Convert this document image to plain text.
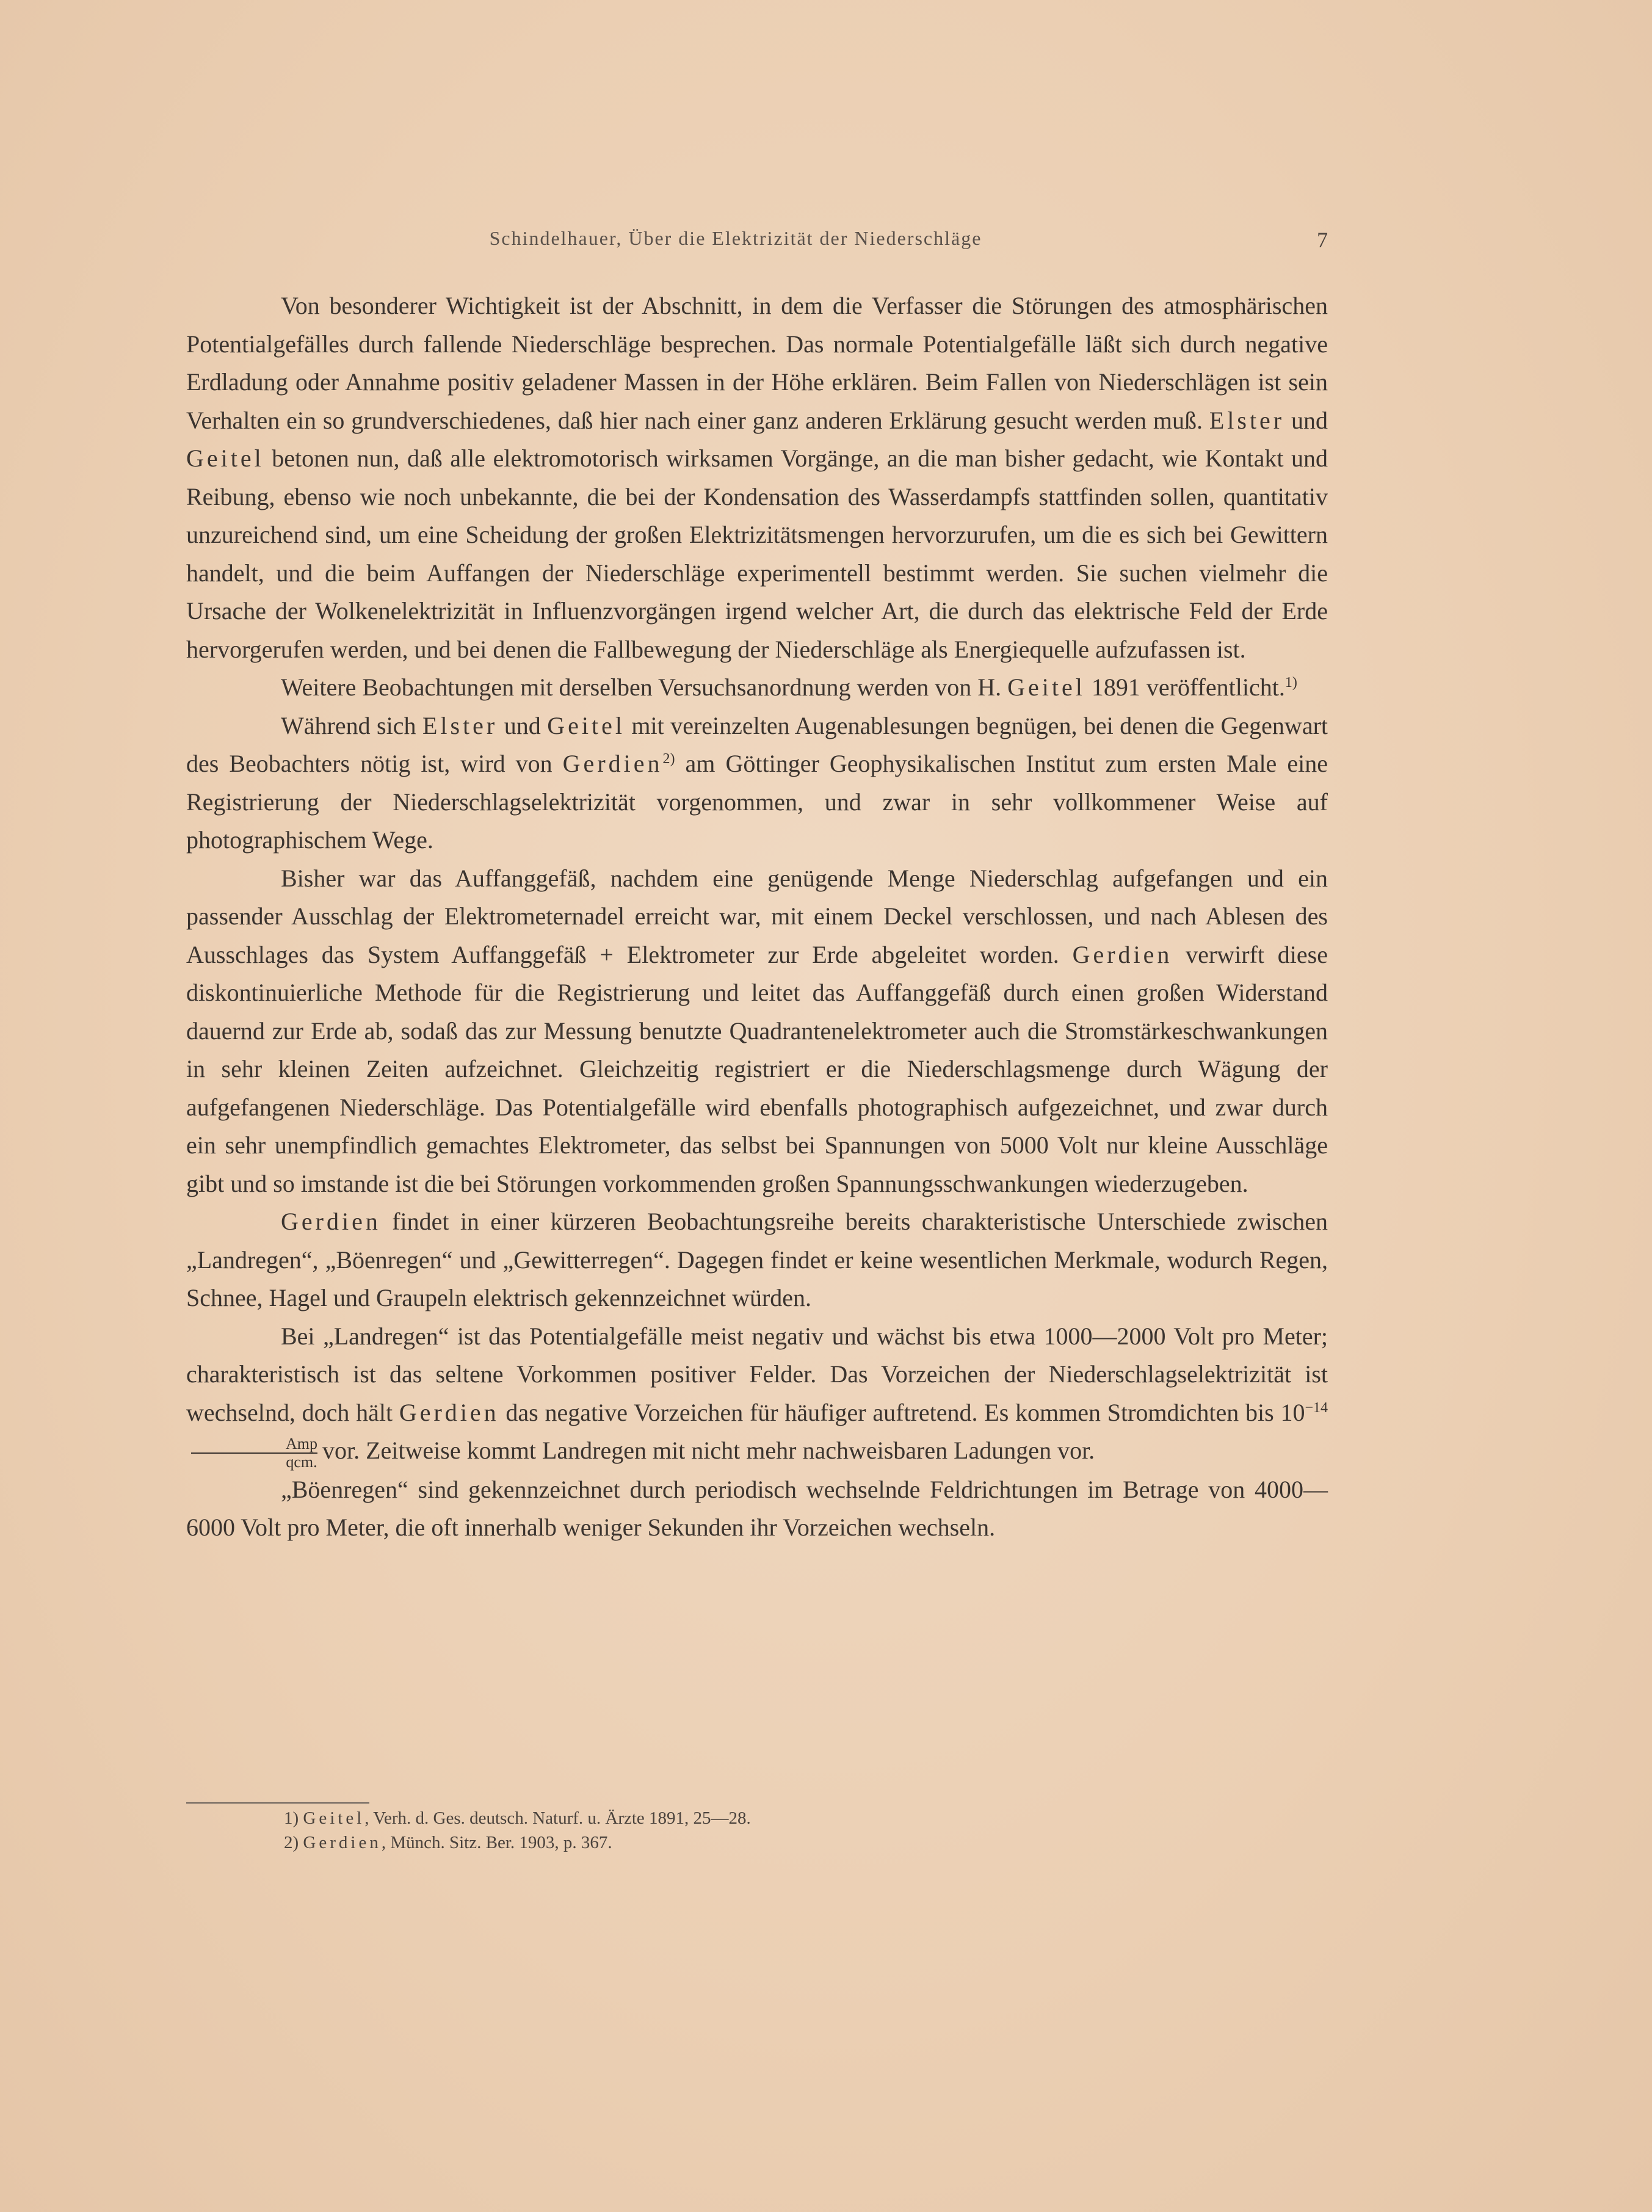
Schindelhauer, Über die Elektrizität der Niederschläge	7

Von besonderer Wichtigkeit ist der Abschnitt, in dem die Verfasser die Störungen des atmosphärischen Potentialgefälles durch fallende Niederschläge besprechen. Das normale Potentialgefälle läßt sich durch negative Erdladung oder Annahme positiv geladener Massen in der Höhe erklären. Beim Fallen von Niederschlägen ist sein Verhalten ein so grundverschiedenes, daß hier nach einer ganz anderen Erklärung gesucht werden muß. Elster und Geitel betonen nun, daß alle elektromotorisch wirksamen Vorgänge, an die man bisher gedacht, wie Kontakt und Reibung, ebenso wie noch unbekannte, die bei der Kondensation des Wasserdampfs stattfinden sollen, quantitativ unzureichend sind, um eine Scheidung der großen Elektrizitätsmengen hervorzurufen, um die es sich bei Gewittern handelt, und die beim Auffangen der Niederschläge experimentell bestimmt werden. Sie suchen vielmehr die Ursache der Wolkenelektrizität in Influenzvorgängen irgend welcher Art, die durch das elektrische Feld der Erde hervorgerufen werden, und bei denen die Fallbewegung der Niederschläge als Energiequelle aufzufassen ist.

Weitere Beobachtungen mit derselben Versuchsanordnung werden von H. Geitel 1891 veröffentlicht.$^{1)}$

Während sich Elster und Geitel mit vereinzelten Augenablesungen begnügen, bei denen die Gegenwart des Beobachters nötig ist, wird von Gerdien$^{2)}$ am Göttinger Geophysikalischen Institut zum ersten Male eine Registrierung der Niederschlagselektrizität vorgenommen, und zwar in sehr vollkommener Weise auf photographischem Wege.

Bisher war das Auffanggefäß, nachdem eine genügende Menge Niederschlag aufgefangen und ein passender Ausschlag der Elektrometernadel erreicht war, mit einem Deckel verschlossen, und nach Ablesen des Ausschlages das System Auffanggefäß + Elektrometer zur Erde abgeleitet worden. Gerdien verwirft diese diskontinuierliche Methode für die Registrierung und leitet das Auffanggefäß durch einen großen Widerstand dauernd zur Erde ab, sodaß das zur Messung benutzte Quadrantenelektrometer auch die Stromstärkeschwankungen in sehr kleinen Zeiten aufzeichnet. Gleichzeitig registriert er die Niederschlagsmenge durch Wägung der aufgefangenen Niederschläge. Das Potentialgefälle wird ebenfalls photographisch aufgezeichnet, und zwar durch ein sehr unempfindlich gemachtes Elektrometer, das selbst bei Spannungen von 5000 Volt nur kleine Ausschläge gibt und so imstande ist die bei Störungen vorkommenden großen Spannungsschwankungen wiederzugeben.

Gerdien findet in einer kürzeren Beobachtungsreihe bereits charakteristische Unterschiede zwischen „Landregen“, „Böenregen“ und „Gewitterregen“. Dagegen findet er keine wesentlichen Merkmale, wodurch Regen, Schnee, Hagel und Graupeln elektrisch gekennzeichnet würden.

Bei „Landregen“ ist das Potentialgefälle meist negativ und wächst bis etwa 1000—2000 Volt pro Meter; charakteristisch ist das seltene Vorkommen positiver Felder. Das Vorzeichen der Niederschlagselektrizität ist wechselnd, doch hält Gerdien das negative Vorzeichen für häufiger auftretend. Es kommen Stromdichten bis $10^{-14}$
$\frac{\text{Amp}}{\text{qcm.}}$ vor. Zeitweise kommt Landregen mit nicht mehr nachweisbaren Ladungen vor.

„Böenregen“ sind gekennzeichnet durch periodisch wechselnde Feldrichtungen im Betrage von 4000—6000 Volt pro Meter, die oft innerhalb weniger Sekunden ihr Vorzeichen wechseln.

1) Geitel, Verh. d. Ges. deutsch. Naturf. u. Ärzte 1891, 25—28.
2) Gerdien, Münch. Sitz. Ber. 1903, p. 367.
